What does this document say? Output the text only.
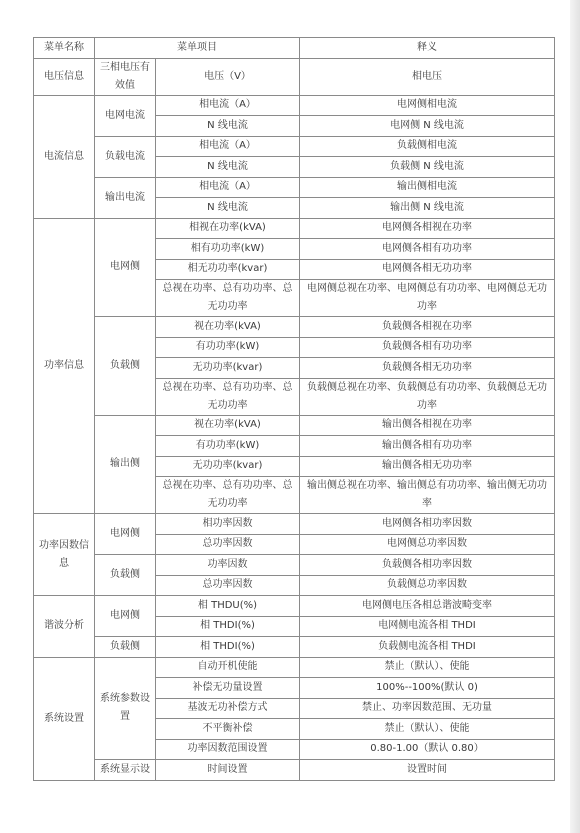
菜单名称	菜单项目		释义
电压信息	三相电压有效值	电压（V）	相电压
电流信息	电网电流	相电流（A）	电网侧相电流
		N 线电流	电网侧 N 线电流
	负载电流	相电流（A）	负载侧相电流
		N 线电流	负载侧 N 线电流
	输出电流	相电流（A）	输出侧相电流
		N 线电流	输出侧 N 线电流
功率信息	电网侧	相视在功率(kVA)	电网侧各相视在功率
		相有功功率(kW)	电网侧各相有功功率
		相无功功率(kvar)	电网侧各相无功功率
		总视在功率、总有功功率、总无功功率	电网侧总视在功率、电网侧总有功功率、电网侧总无功功率

	负载侧	视在功率(kVA)	负载侧各相视在功率
		有功功率(kW)	负载侧各相有功功率
		无功功率(kvar)	负载侧各相无功功率
		总视在功率、总有功功率、总无功功率	负载侧总视在功率、负载侧总有功功率、负载侧总无功功率

	输出侧	视在功率(kVA)	输出侧各相视在功率
		有功功率(kW)	输出侧各相有功功率
		无功功率(kvar)	输出侧各相无功功率
		总视在功率、总有功功率、总无功功率	输出侧总视在功率、输出侧总有功功率、输出侧无功功率

功率因数信息	电网侧	相功率因数	电网侧各相功率因数
		总功率因数	电网侧总功率因数
	负载侧	功率因数	负载侧各相功率因数
		总功率因数	负载侧总功率因数
谐波分析	电网侧	相 THDU(%)	电网侧电压各相总谐波畸变率
		相 THDI(%)	电网侧电流各相 THDI
	负载侧	相 THDI(%)	负载侧电流各相 THDI
系统设置	系统参数设置	自动开机使能	禁止（默认）、使能
		补偿无功量设置	100%--100%(默认 0)
		基波无功补偿方式	禁止、功率因数范围、无功量
		不平衡补偿	禁止（默认）、使能
		功率因数范围设置	0.80-1.00（默认 0.80）
	系统显示设	时间设置	设置时间
